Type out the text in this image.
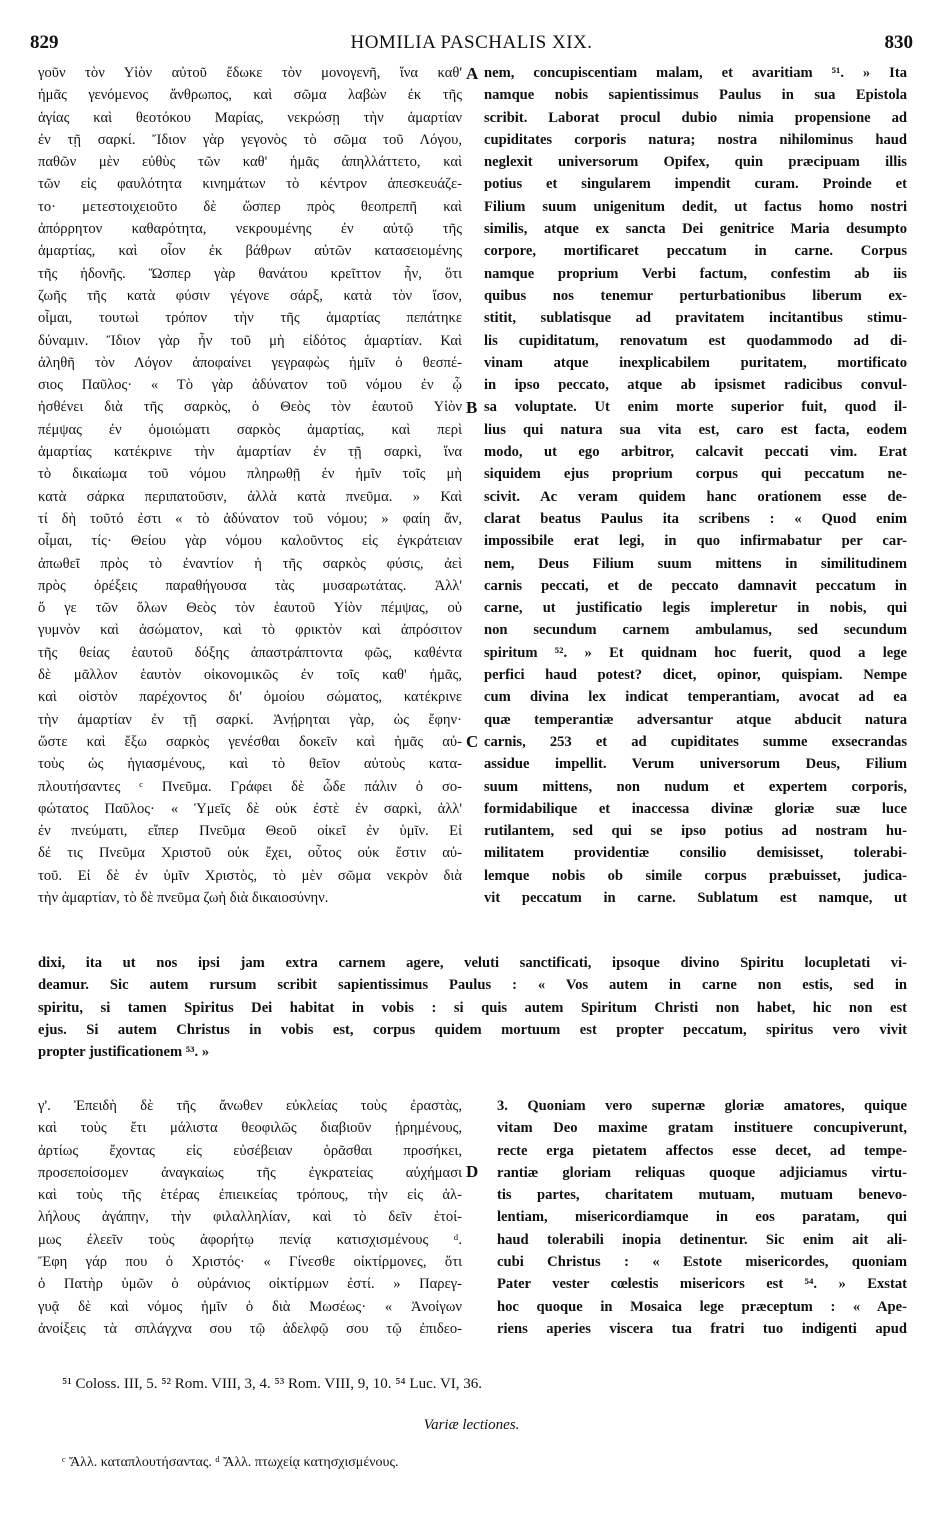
829	HOMILIA PASCHALIS XIX.	830
γοῦν τὸν Υἱὸν αὐτοῦ ἔδωκε τὸν μονογενῆ, ἵνα καθ'
ἡμᾶς γενόμενος ἄνθρωπος, καὶ σῶμα λαβὼν ἐκ τῆς
ἁγίας καὶ θεοτόκου Μαρίας, νεκρώσῃ τὴν ἁμαρτίαν
ἐν τῇ σαρκί. Ἴδιον γὰρ γεγονὸς τὸ σῶμα τοῦ Λόγου,
παθῶν μὲν εὐθὺς τῶν καθ' ἡμᾶς ἀπηλλάττετο, καὶ
τῶν εἰς φαυλότητα κινημάτων τὸ κέντρον ἀπεσκευάζε-
το· μετεστοιχειοῦτο δὲ ὥσπερ πρὸς θεοπρεπῆ καὶ
ἀπόρρητον καθαρότητα, νεκρουμένης ἐν αὐτῷ τῆς
ἁμαρτίας, καὶ οἷον ἐκ βάθρων αὐτῶν κατασειομένης
τῆς ἡδονῆς. Ὥσπερ γὰρ θανάτου κρεῖττον ἦν, ὅτι
ζωῆς τῆς κατὰ φύσιν γέγονε σάρξ, κατὰ τὸν ἴσον,
οἶμαι, τουτωὶ τρόπον τὴν τῆς ἁμαρτίας πεπάτηκε
δύναμιν. Ἴδιον γὰρ ἦν τοῦ μὴ εἰδότος ἁμαρτίαν. Καὶ
ἀληθῆ τὸν Λόγον ἀποφαίνει γεγραφὼς ἡμῖν ὁ θεσπέ-
σιος Παῦλος· « Τὸ γὰρ ἀδύνατον τοῦ νόμου ἐν ᾧ
ἠσθένει διὰ τῆς σαρκὸς, ὁ Θεὸς τὸν ἑαυτοῦ Υἱὸν
πέμψας ἐν ὁμοιώματι σαρκὸς ἁμαρτίας, καὶ περὶ
ἁμαρτίας κατέκρινε τὴν ἁμαρτίαν ἐν τῇ σαρκὶ, ἵνα
τὸ δικαίωμα τοῦ νόμου πληρωθῇ ἐν ἡμῖν τοῖς μὴ
κατὰ σάρκα περιπατοῦσιν, ἀλλὰ κατὰ πνεῦμα. » Καὶ
τί δὴ τοῦτό ἐστι « τὸ ἀδύνατον τοῦ νόμου; » φαίη ἄν,
οἶμαι, τίς· Θείου γὰρ νόμου καλοῦντος εἰς ἐγκράτειαν
ἀπωθεῖ πρὸς τὸ ἐναντίον ἡ τῆς σαρκὸς φύσις, ἀεὶ
πρὸς ὀρέξεις παραθήγουσα τὰς μυσαρωτάτας. Ἀλλ'
ὅ γε τῶν ὅλων Θεὸς τὸν ἑαυτοῦ Υἱὸν πέμψας, οὐ
γυμνὸν καὶ ἀσώματον, καὶ τὸ φρικτὸν καὶ ἀπρόσιτον
τῆς θείας ἑαυτοῦ δόξης ἀπαστράπτοντα φῶς, καθέντα
δὲ μᾶλλον ἑαυτὸν οἰκονομικῶς ἐν τοῖς καθ' ἡμᾶς,
καὶ οἱστὸν παρέχοντος δι' ὁμοίου σώματος, κατέκρινε
τὴν ἁμαρτίαν ἐν τῇ σαρκί. Ἀνῄρηται γὰρ, ὡς ἔφην·
ὥστε καὶ ἔξω σαρκὸς γενέσθαι δοκεῖν καὶ ἡμᾶς αὐ-
τοὺς ὡς ἡγιασμένους, καὶ τὸ θεῖον αὐτοὺς κατα-
πλουτήσαντες ᶜ Πνεῦμα. Γράφει δὲ ὧδε πάλιν ὁ σο-
φώτατος Παῦλος· « Ὑμεῖς δὲ οὐκ ἐστὲ ἐν σαρκὶ, ἀλλ'
ἐν πνεύματι, εἴπερ Πνεῦμα Θεοῦ οἰκεῖ ἐν ὑμῖν. Εἰ
δέ τις Πνεῦμα Χριστοῦ οὐκ ἔχει, οὗτος οὐκ ἔστιν αὐ-
τοῦ. Εἰ δὲ ἐν ὑμῖν Χριστὸς, τὸ μὲν σῶμα νεκρὸν διὰ
τὴν ἁμαρτίαν, τὸ δὲ πνεῦμα ζωὴ διὰ δικαιοσύνην.
nem, concupiscentiam malam, et avaritiam ⁵¹. » Ita
namque nobis sapientissimus Paulus in sua Epistola
scribit. Laborat procul dubio nimia propensione ad
cupiditates corporis natura; nostra nihilominus haud
neglexit universorum Opifex, quin præcipuam illis
potius et singularem impendit curam. Proinde et
Filium suum unigenitum dedit, ut factus homo nostri
similis, atque ex sancta Dei genitrice Maria desumpto
corpore, mortificaret peccatum in carne. Corpus
namque proprium Verbi factum, confestim ab iis
quibus nos tenemur perturbationibus liberum ex-
stitit, sublatisque ad pravitatem incitantibus stimu-
lis cupiditatum, renovatum est quodammodo ad di-
vinam atque inexplicabilem puritatem, mortificato
in ipso peccato, atque ab ipsismet radicibus convul-
sa voluptate. Ut enim morte superior fuit, quod il-
lius qui natura sua vita est, caro est facta, eodem
modo, ut ego arbitror, calcavit peccati vim. Erat
siquidem ejus proprium corpus qui peccatum ne-
scivit. Ac veram quidem hanc orationem esse de-
clarat beatus Paulus ita scribens : « Quod enim
impossibile erat legi, in quo infirmabatur per car-
nem, Deus Filium suum mittens in similitudinem
carnis peccati, et de peccato damnavit peccatum in
carne, ut justificatio legis impleretur in nobis, qui
non secundum carnem ambulamus, sed secundum
spiritum ⁵². » Et quidnam hoc fuerit, quod a lege
perfici haud potest? dicet, opinor, quispiam. Nempe
cum divina lex indicat temperantiam, avocat ad ea
quæ temperantiæ adversantur atque abducit natura
carnis, 253 et ad cupiditates summe exsecrandas
assidue impellit. Verum universorum Deus, Filium
suum mittens, non nudum et expertem corporis,
formidabilique et inaccessa divinæ gloriæ suæ luce
rutilantem, sed qui se ipso potius ad nostram hu-
militatem providentiæ consilio demisisset, tolerabi-
lemque nobis ob simile corpus præbuisset, judica-
vit peccatum in carne. Sublatum est namque, ut
dixi, ita ut nos ipsi jam extra carnem agere, veluti sanctificati, ipsoque divino Spiritu locupletati vi-
deamur. Sic autem rursum scribit sapientissimus Paulus : « Vos autem in carne non estis, sed in
spiritu, si tamen Spiritus Dei habitat in vobis : si quis autem Spiritum Christi non habet, hic non est
ejus. Si autem Christus in vobis est, corpus quidem mortuum est propter peccatum, spiritus vero vivit
propter justificationem ⁵³. »
γ'. Ἐπειδὴ δὲ τῆς ἄνωθεν εὐκλείας τοὺς ἐραστὰς,
καὶ τοὺς ἔτι μάλιστα θεοφιλῶς διαβιοῦν ᾑρημένους,
ἀρτίως ἔχοντας εἰς εὐσέβειαν ὁρᾶσθαι προσήκει,
προσεποίσομεν ἀναγκαίως τῆς ἐγκρατείας αὐχήμασι
καὶ τοὺς τῆς ἑτέρας ἐπιεικείας τρόπους, τὴν εἰς ἀλ-
λήλους ἀγάπην, τὴν φιλαλληλίαν, καὶ τὸ δεῖν ἑτοί-
μως ἐλεεῖν τοὺς ἀφορήτῳ πενίᾳ κατισχισμένους ᵈ.
Ἔφη γάρ που ὁ Χριστός· « Γίνεσθε οἰκτίρμονες, ὅτι
ὁ Πατὴρ ὑμῶν ὁ οὐράνιος οἰκτίρμων ἐστί. » Παρεγ-
γυᾷ δὲ καὶ νόμος ἡμῖν ὁ διὰ Μωσέως· « Ἀνοίγων
ἀνοίξεις τὰ σπλάγχνα σου τῷ ἀδελφῷ σου τῷ ἐπιδεο-
3. Quoniam vero supernæ gloriæ amatores, quique
vitam Deo maxime gratam instituere concupiverunt,
recte erga pietatem affectos esse decet, ad tempe-
rantiæ gloriam reliquas quoque adjiciamus virtu-
tis partes, charitatem mutuam, mutuam benevo-
lentiam, misericordiamque in eos paratam, qui
haud tolerabili inopia detinentur. Sic enim ait ali-
cubi Christus : « Estote misericordes, quoniam
Pater vester cœlestis misericors est ⁵⁴. » Exstat
hoc quoque in Mosaica lege præceptum : « Ape-
riens aperies viscera tua fratri tuo indigenti apud
A
B
C
D
⁵¹ Coloss. III, 5. ⁵² Rom. VIII, 3, 4. ⁵³ Rom. VIII, 9, 10. ⁵⁴ Luc. VI, 36.
Variæ lectiones.
ᶜ Ἄλλ. καταπλουτήσαντας. ᵈ Ἄλλ. πτωχείᾳ κατησχισμένους.
